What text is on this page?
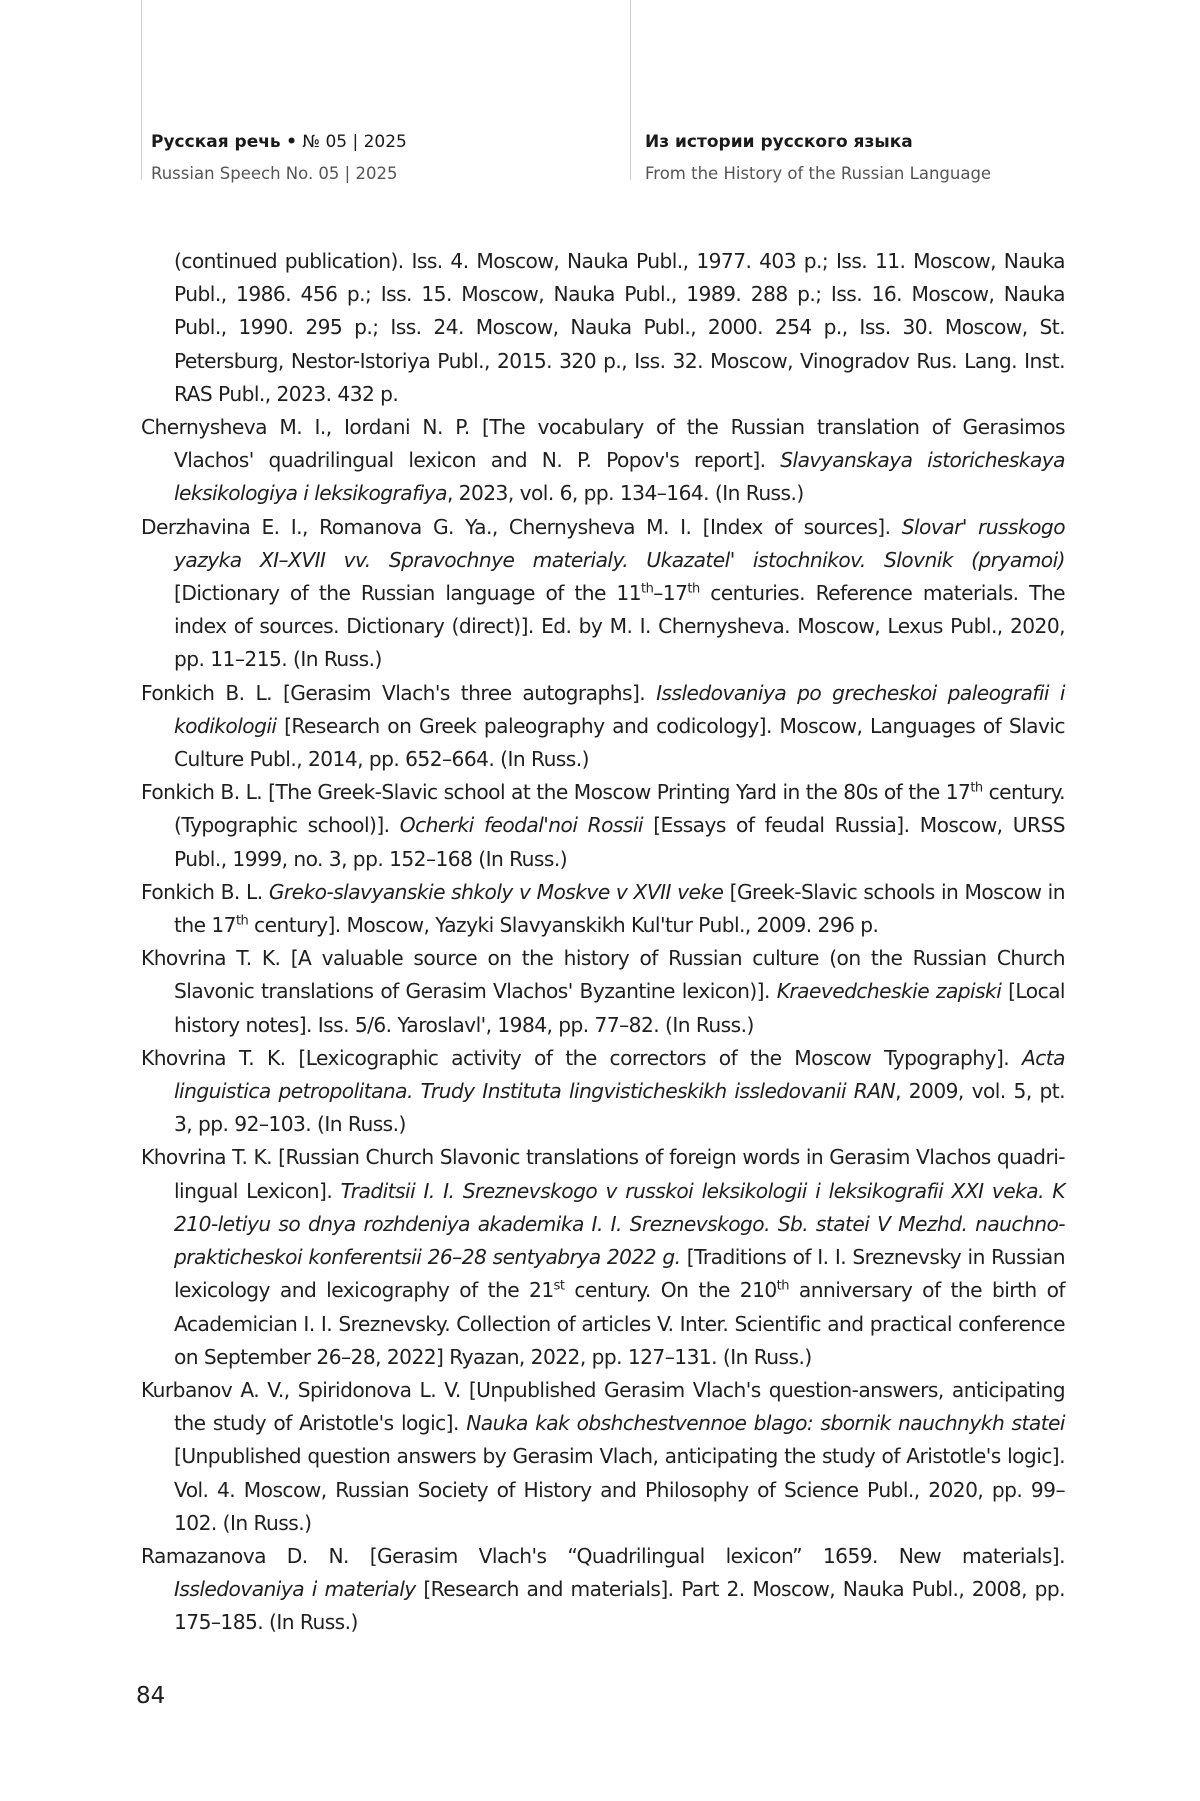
Русская речь • № 05 | 2025
Russian Speech No. 05 | 2025
Из истории русского языка
From the History of the Russian Language

(continued publication). Iss. 4. Moscow, Nauka Publ., 1977. 403 p.; Iss. 11. Moscow, Nauka Publ., 1986. 456 p.; Iss. 15. Moscow, Nauka Publ., 1989. 288 p.; Iss. 16. Moscow, Nauka Publ., 1990. 295 p.; Iss. 24. Moscow, Nauka Publ., 2000. 254 p., Iss. 30. Moscow, St. Petersburg, Nestor-Istoriya Publ., 2015. 320 p., Iss. 32. Moscow, Vinogradov Rus. Lang. Inst. RAS Publ., 2023. 432 p.

Chernysheva M. I., Iordani N. P. [The vocabulary of the Russian translation of Gerasimos Vlachos' quadrilingual lexicon and N. P. Popov's report]. Slavyanskaya istoricheskaya leksikologiya i leksikografiya, 2023, vol. 6, pp. 134–164. (In Russ.)

Derzhavina E. I., Romanova G. Ya., Chernysheva M. I. [Index of sources]. Slovar' russkogo yazyka XI–XVII vv. Spravochnye materialy. Ukazatel' istochnikov. Slovnik (pryamoi) [Dictionary of the Russian language of the 11th–17th centuries. Reference materials. The index of sources. Dictionary (direct)]. Ed. by M. I. Chernysheva. Moscow, Lexus Publ., 2020, pp. 11–215. (In Russ.)

Fonkich B. L. [Gerasim Vlach's three autographs]. Issledovaniya po grecheskoi paleografii i kodikologii [Research on Greek paleography and codicology]. Moscow, Languages of Slavic Culture Publ., 2014, pp. 652–664. (In Russ.)

Fonkich B. L. [The Greek-Slavic school at the Moscow Printing Yard in the 80s of the 17th century. (Typographic school)]. Ocherki feodal'noi Rossii [Essays of feudal Russia]. Moscow, URSS Publ., 1999, no. 3, pp. 152–168 (In Russ.)

Fonkich B. L. Greko-slavyanskie shkoly v Moskve v XVII veke [Greek-Slavic schools in Moscow in the 17th century]. Moscow, Yazyki Slavyanskikh Kul'tur Publ., 2009. 296 p.

Khovrina T. K. [A valuable source on the history of Russian culture (on the Russian Church Slavonic translations of Gerasim Vlachos' Byzantine lexicon)]. Kraevedcheskie zapiski [Local history notes]. Iss. 5/6. Yaroslavl', 1984, pp. 77–82. (In Russ.)

Khovrina T. K. [Lexicographic activity of the correctors of the Moscow Typography]. Acta linguistica petropolitana. Trudy Instituta lingvisticheskikh issledovanii RAN, 2009, vol. 5, pt. 3, pp. 92–103. (In Russ.)

Khovrina T. K. [Russian Church Slavonic translations of foreign words in Gerasim Vlachos quadri-lingual Lexicon]. Traditsii I. I. Sreznevskogo v russkoi leksikologii i leksikografii XXI veka. K 210-letiyu so dnya rozhdeniya akademika I. I. Sreznevskogo. Sb. statei V Mezhd. nauchno-prakticheskoi konferentsii 26–28 sentyabrya 2022 g. [Traditions of I. I. Sreznevsky in Russian lexicology and lexicography of the 21st century. On the 210th anniversary of the birth of Academician I. I. Sreznevsky. Collection of articles V. Inter. Scientific and practical conference on September 26–28, 2022] Ryazan, 2022, pp. 127–131. (In Russ.)

Kurbanov A. V., Spiridonova L. V. [Unpublished Gerasim Vlach's question-answers, anticipating the study of Aristotle's logic]. Nauka kak obshchestvennoe blago: sbornik nauchnykh statei [Unpublished question answers by Gerasim Vlach, anticipating the study of Aristotle's logic]. Vol. 4. Moscow, Russian Society of History and Philosophy of Science Publ., 2020, pp. 99–102. (In Russ.)

Ramazanova D. N. [Gerasim Vlach's “Quadrilingual lexicon” 1659. New materials]. Issledovaniya i materialy [Research and materials]. Part 2. Moscow, Nauka Publ., 2008, pp. 175–185. (In Russ.)

84
